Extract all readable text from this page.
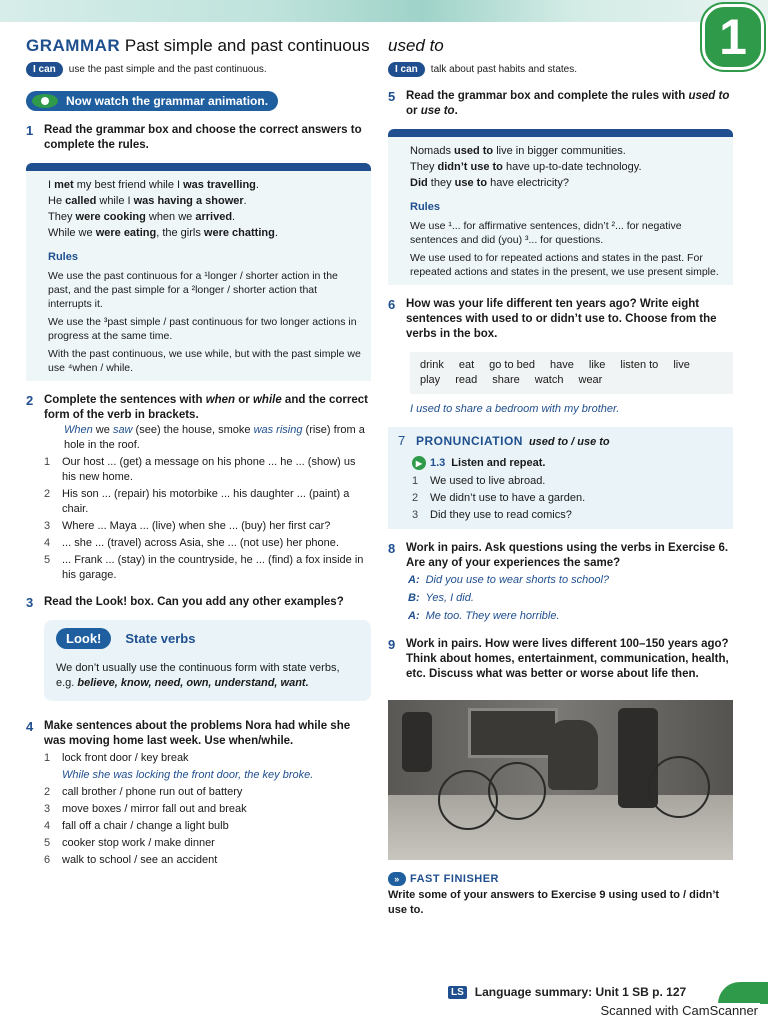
1
GRAMMAR Past simple and past continuous
I can	use the past simple and the past continuous.
Now watch the grammar animation.
1 Read the grammar box and choose the correct answers to complete the rules.
I met my best friend while I was travelling.
He called while I was having a shower.
They were cooking when we arrived.
While we were eating, the girls were chatting.
Rules
We use the past continuous for a ¹longer / shorter action in the past, and the past simple for a ²longer / shorter action that interrupts it.
We use the ³past simple / past continuous for two longer actions in progress at the same time.
With the past continuous, we use while, but with the past simple we use ⁴when / while.
2 Complete the sentences with when or while and the correct form of the verb in brackets.
When we saw (see) the house, smoke was rising (rise) from a hole in the roof.
1	Our host ... (get) a message on his phone ... he ... (show) us his new home.
2	His son ... (repair) his motorbike ... his daughter ... (paint) a chair.
3	Where ... Maya ... (live) when she ... (buy) her first car?
4	... she ... (travel) across Asia, she ... (not use) her phone.
5	... Frank ... (stay) in the countryside, he ... (find) a fox inside in his garage.
3 Read the Look! box. Can you add any other examples?
Look!	State verbs
We don’t usually use the continuous form with state verbs, e.g. believe, know, need, own, understand, want.
4 Make sentences about the problems Nora had while she was moving home last week. Use when/while.
1	lock front door / key break
While she was locking the front door, the key broke.
2	call brother / phone run out of battery
3	move boxes / mirror fall out and break
4	fall off a chair / change a light bulb
5	cooker stop work / make dinner
6	walk to school / see an accident
used to
I can	talk about past habits and states.
5 Read the grammar box and complete the rules with used to or use to.
Nomads used to live in bigger communities.
They didn’t use to have up-to-date technology.
Did they use to have electricity?
Rules
We use ¹... for affirmative sentences, didn’t ²... for negative sentences and did (you) ³... for questions.
We use used to for repeated actions and states in the past. For repeated actions and states in the present, we use present simple.
6 How was your life different ten years ago? Write eight sentences with used to or didn’t use to. Choose from the verbs in the box.
drink eat go to bed have like listen to live
play read share watch wear
I used to share a bedroom with my brother.
7 PRONUNCIATION used to / use to
▶ 1.3 Listen and repeat.
1	We used to live abroad.
2	We didn’t use to have a garden.
3	Did they use to read comics?
8 Work in pairs. Ask questions using the verbs in Exercise 6. Are any of your experiences the same?
A: Did you use to wear shorts to school?
B: Yes, I did.
A: Me too. They were horrible.
9 Work in pairs. How were lives different 100–150 years ago? Think about homes, entertainment, communication, health, etc. Discuss what was better or worse about life then.
» FAST FINISHER
Write some of your answers to Exercise 9 using used to / didn’t use to.
LS Language summary: Unit 1 SB p. 127
Scanned with CamScanner
